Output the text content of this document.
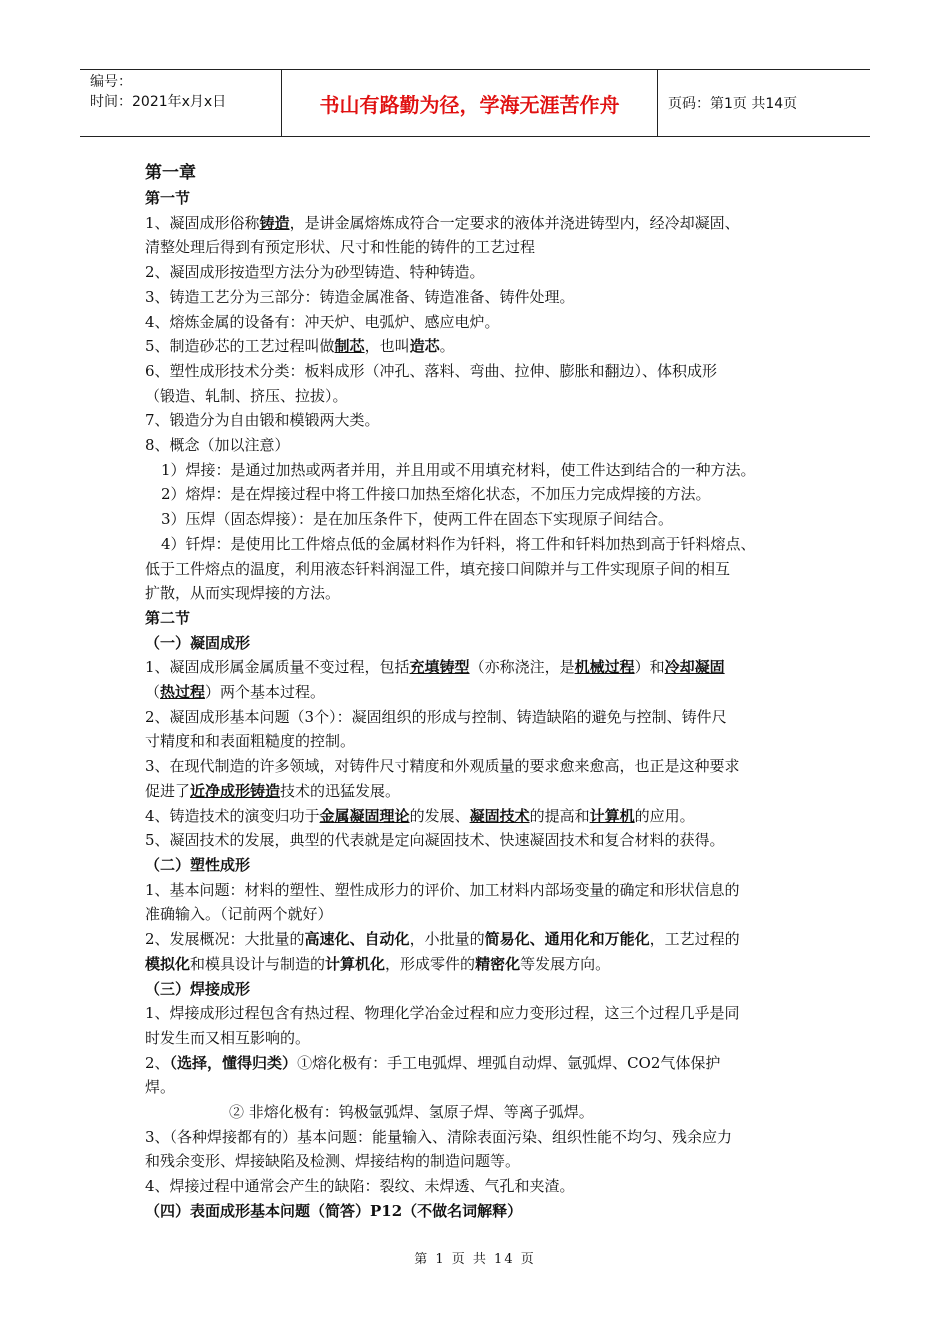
编号：
时间：2021年x月x日	书山有路勤为径，学海无涯苦作舟	页码：第1页 共14页

第一章

第一节

1、凝固成形俗称铸造，是讲金属熔炼成符合一定要求的液体并浇进铸型内，经冷却凝固、

清整处理后得到有预定形状、尺寸和性能的铸件的工艺过程

2、凝固成形按造型方法分为砂型铸造、特种铸造。

3、铸造工艺分为三部分：铸造金属准备、铸造准备、铸件处理。

4、熔炼金属的设备有：冲天炉、电弧炉、感应电炉。

5、制造砂芯的工艺过程叫做制芯，也叫造芯。

6、塑性成形技术分类：板料成形（冲孔、落料、弯曲、拉伸、膨胀和翻边）、体积成形

（锻造、轧制、挤压、拉拔）。

7、锻造分为自由锻和模锻两大类。

8、概念（加以注意）

1）焊接：是通过加热或两者并用，并且用或不用填充材料，使工件达到结合的一种方法。

2）熔焊：是在焊接过程中将工件接口加热至熔化状态，不加压力完成焊接的方法。

3）压焊（固态焊接）：是在加压条件下，使两工件在固态下实现原子间结合。

4）钎焊：是使用比工件熔点低的金属材料作为钎料，将工件和钎料加热到高于钎料熔点、

低于工件熔点的温度，利用液态钎料润湿工件，填充接口间隙并与工件实现原子间的相互

扩散，从而实现焊接的方法。

第二节

（一）凝固成形

1、凝固成形属金属质量不变过程，包括充填铸型（亦称浇注，是机械过程）和冷却凝固

（热过程）两个基本过程。

2、凝固成形基本问题（3个）：凝固组织的形成与控制、铸造缺陷的避免与控制、铸件尺

寸精度和和表面粗糙度的控制。

3、在现代制造的许多领域，对铸件尺寸精度和外观质量的要求愈来愈高，也正是这种要求

促进了近净成形铸造技术的迅猛发展。

4、铸造技术的演变归功于金属凝固理论的发展、凝固技术的提高和计算机的应用。

5、凝固技术的发展，典型的代表就是定向凝固技术、快速凝固技术和复合材料的获得。

（二）塑性成形

1、基本问题：材料的塑性、塑性成形力的评价、加工材料内部场变量的确定和形状信息的

准确输入。（记前两个就好）

2、发展概况：大批量的高速化、自动化，小批量的简易化、通用化和万能化，工艺过程的

模拟化和模具设计与制造的计算机化，形成零件的精密化等发展方向。

（三）焊接成形

1、焊接成形过程包含有热过程、物理化学冶金过程和应力变形过程，这三个过程几乎是同

时发生而又相互影响的。

2、（选择，懂得归类）①熔化极有：手工电弧焊、埋弧自动焊、氩弧焊、CO2气体保护

焊。

② 非熔化极有：钨极氩弧焊、氢原子焊、等离子弧焊。

3、（各种焊接都有的）基本问题：能量输入、清除表面污染、组织性能不均匀、残余应力

和残余变形、焊接缺陷及检测、焊接结构的制造问题等。

4、焊接过程中通常会产生的缺陷：裂纹、未焊透、气孔和夹渣。

（四）表面成形基本问题（简答）P12（不做名词解释）

第 1 页 共 14 页
